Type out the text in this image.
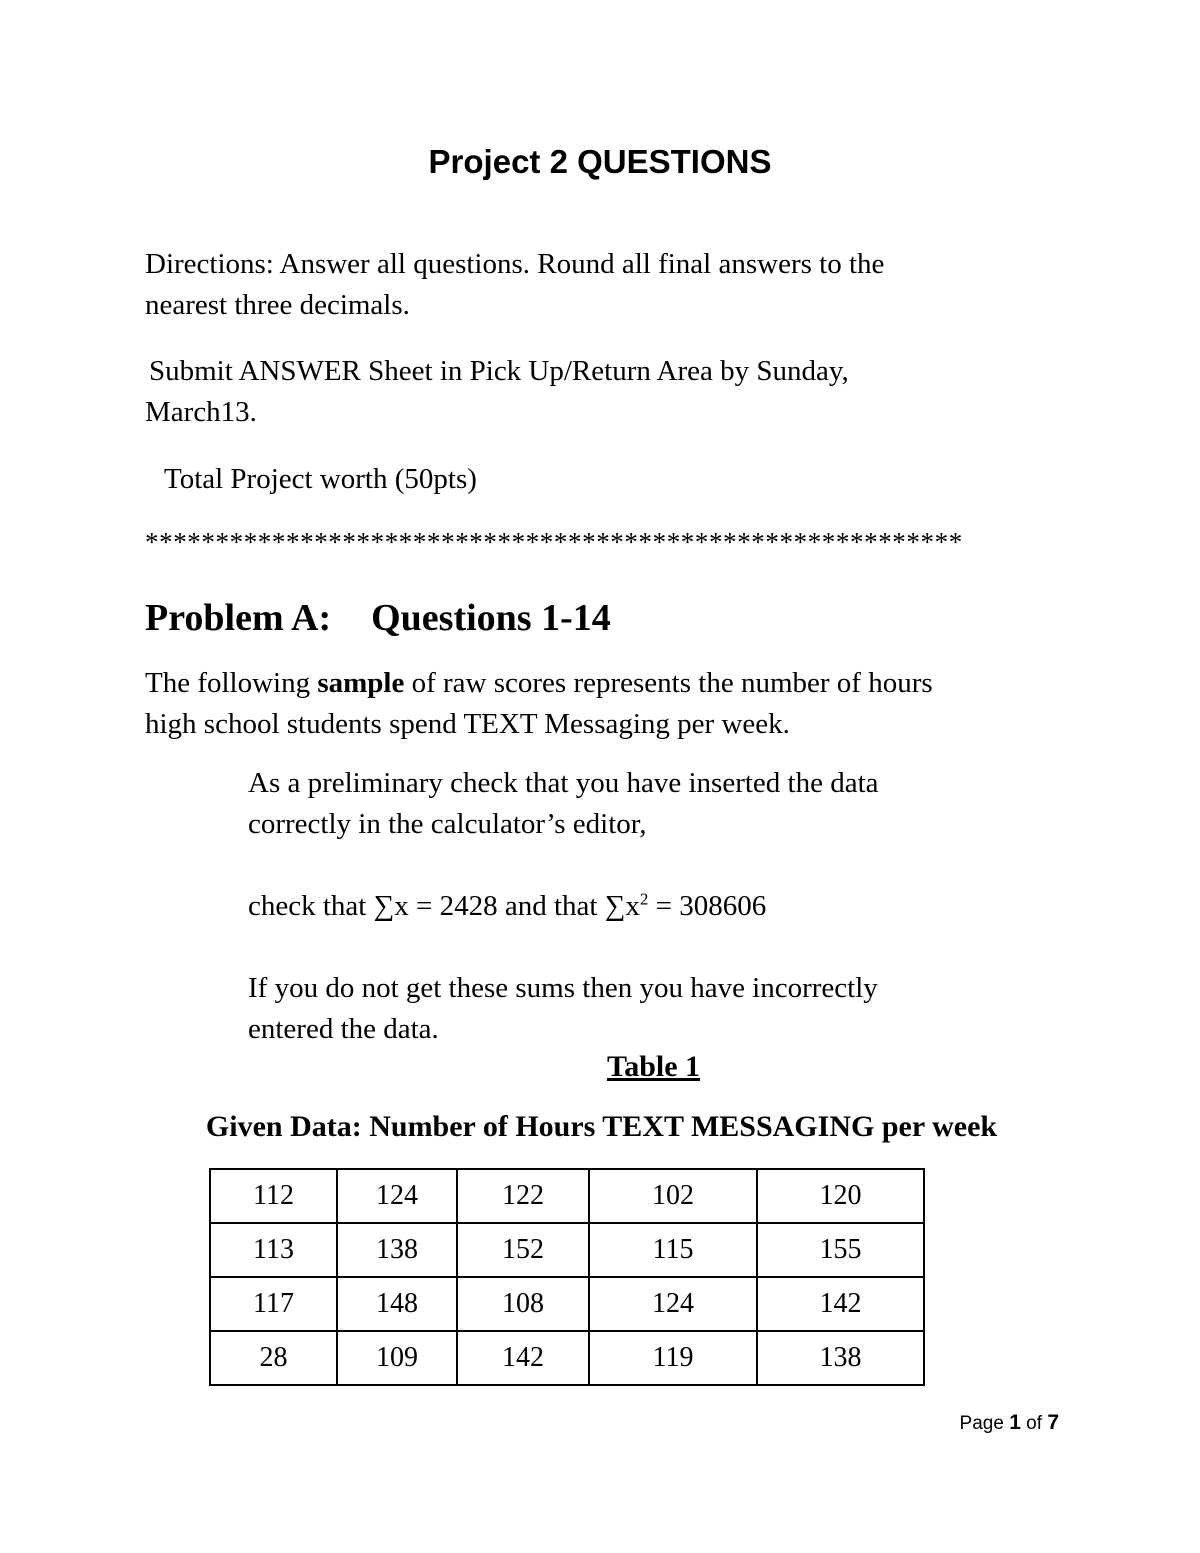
Project 2 QUESTIONS
Directions: Answer all questions. Round all final answers to the
nearest three decimals.
Submit ANSWER Sheet in Pick Up/Return Area by Sunday,
March13.
Total Project worth (50pts)
**********************************************************
Problem A: Questions 1-14
The following sample of raw scores represents the number of hours
high school students spend TEXT Messaging per week.
As a preliminary check that you have inserted the data
correctly in the calculator’s editor,
check that ∑x = 2428 and that $\sum x^2 = 308606$
If you do not get these sums then you have incorrectly
entered the data.
Table 1
Given Data: Number of Hours TEXT MESSAGING per week
112	124	122	102	120
113	138	152	115	155
117	148	108	124	142
28	109	142	119	138
Page 1 of 7
